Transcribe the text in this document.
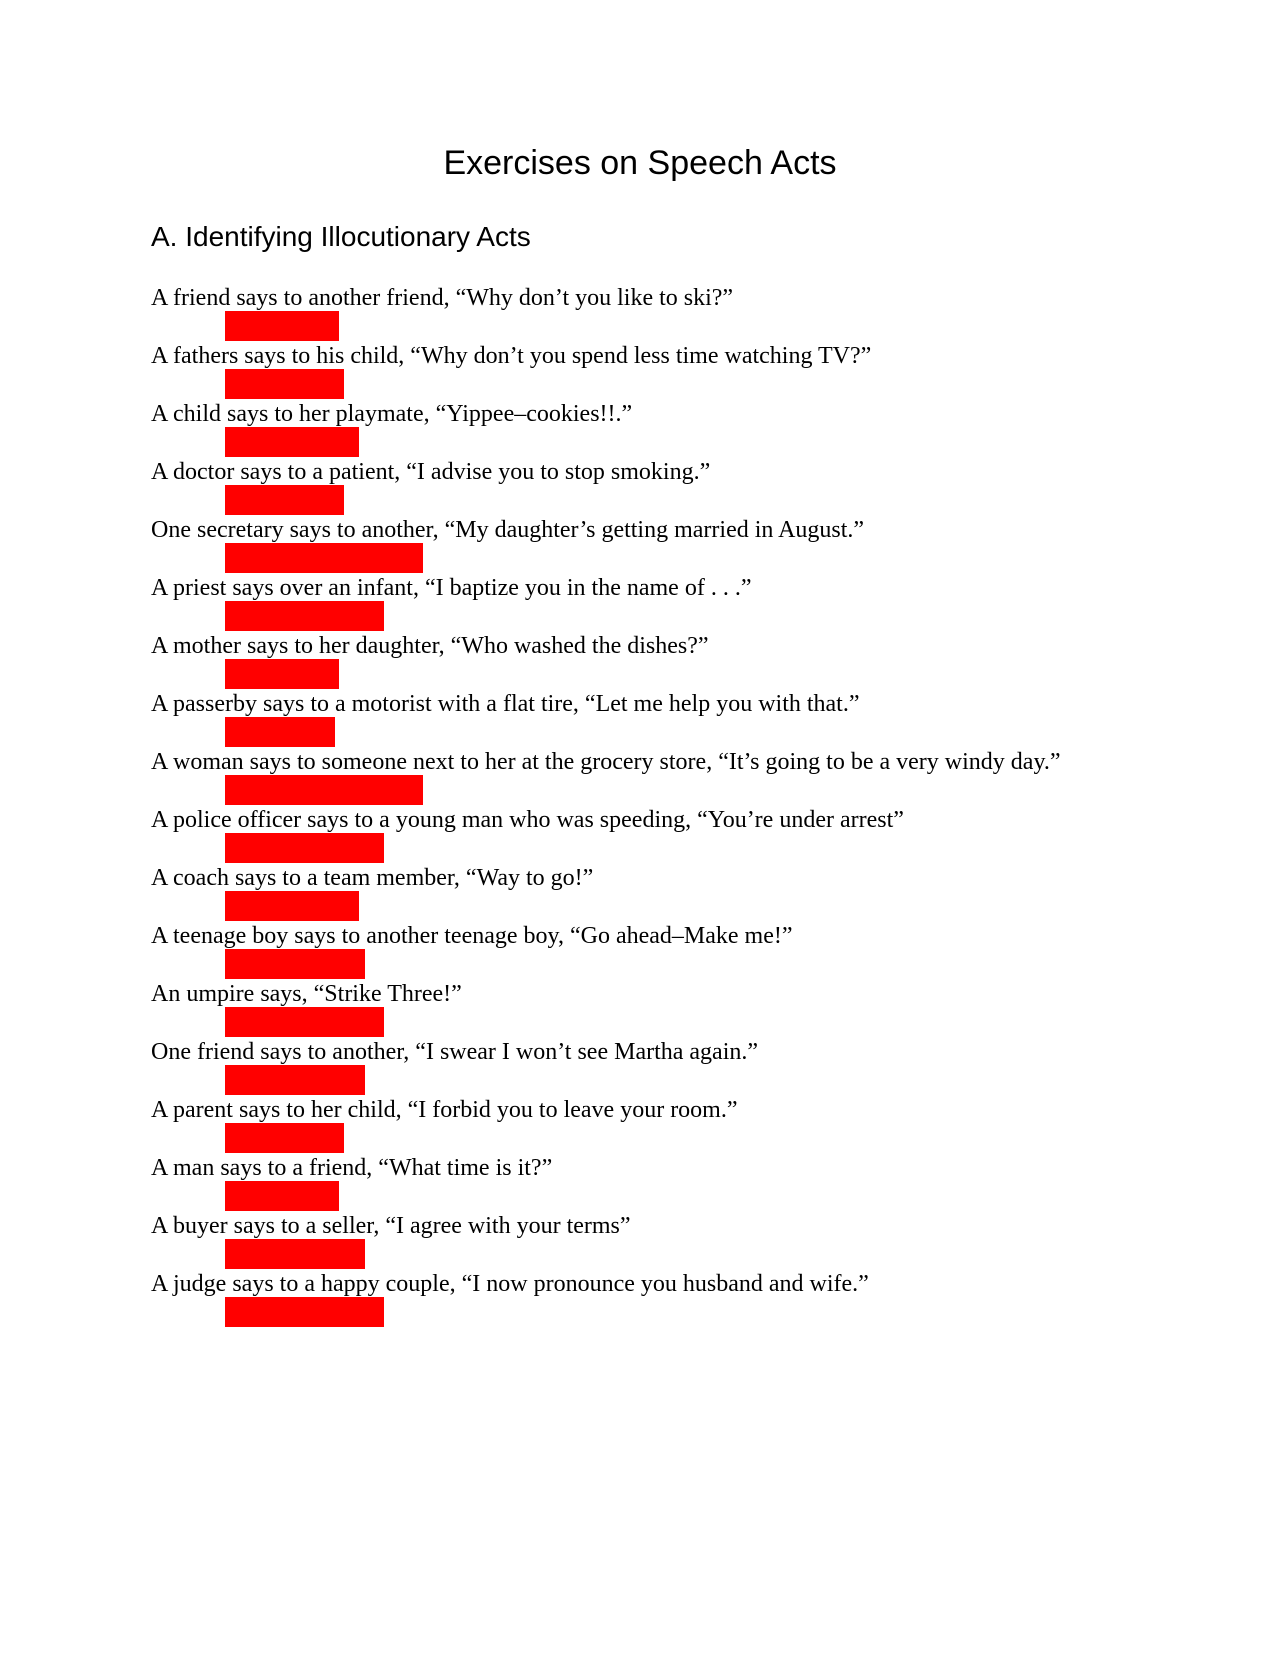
Exercises on Speech Acts
A. Identifying Illocutionary Acts
A friend says to another friend, “Why don’t you like to ski?”
A fathers says to his child, “Why don’t you spend less time watching TV?”
A child says to her playmate, “Yippee–cookies!!.”
A doctor says to a patient, “I advise you to stop smoking.”
One secretary says to another, “My daughter’s getting married in August.”
A priest says over an infant, “I baptize you in the name of . . .”
A mother says to her daughter, “Who washed the dishes?”
A passerby says to a motorist with a flat tire, “Let me help you with that.”
A woman says to someone next to her at the grocery store, “It’s going to be a very windy day.”
A police officer says to a young man who was speeding, “You’re under arrest”
A coach says to a team member, “Way to go!”
A teenage boy says to another teenage boy, “Go ahead–Make me!”
An umpire says, “Strike Three!”
One friend says to another, “I swear I won’t see Martha again.”
A parent says to her child, “I forbid you to leave your room.”
A man says to a friend, “What time is it?”
A buyer says to a seller, “I agree with your terms”
A judge says to a happy couple, “I now pronounce you husband and wife.”
